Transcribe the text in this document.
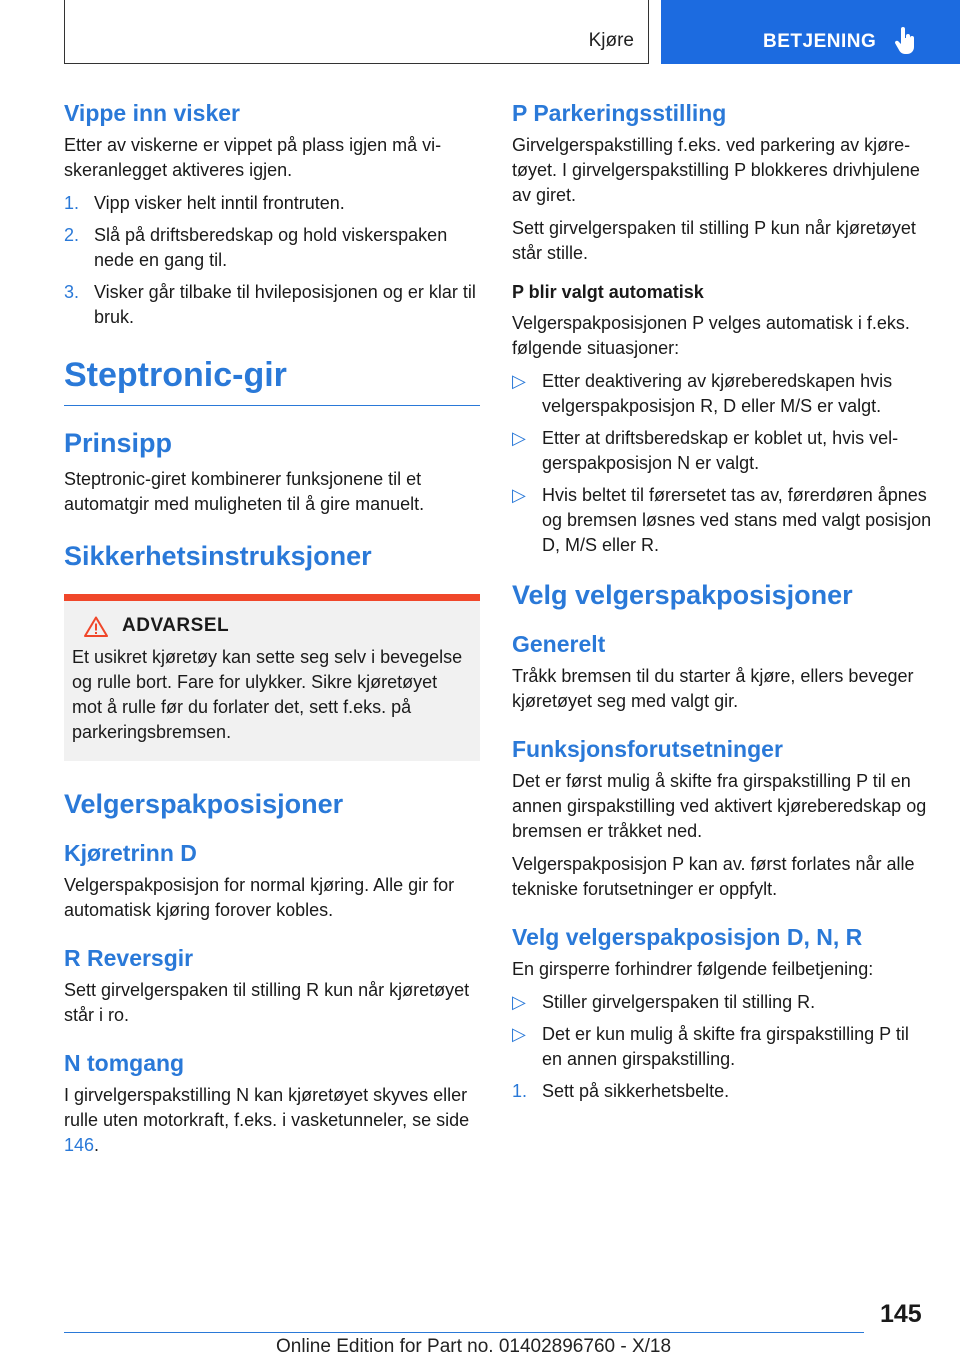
Kjøre	BETJENING
Vippe inn visker

Etter av viskerne er vippet på plass igjen må viskeranlegget aktiveres igjen.

1. Vipp visker helt inntil frontruten.
2. Slå på driftsberedskap og hold viskerspaken nede en gang til.
3. Visker går tilbake til hvileposisjonen og er klar til bruk.
Steptronic-gir
Prinsipp

Steptronic-giret kombinerer funksjonene til et automatgir med muligheten til å gire manuelt.

Sikkerhetsinstruksjoner
ADVARSEL

Et usikret kjøretøy kan sette seg selv i bevegelse og rulle bort. Fare for ulykker. Sikre kjøretøyet mot å rulle før du forlater det, sett f.eks. på parkeringsbremsen.

Velgerspakposisjoner
Kjøretrinn D

Velgerspakposisjon for normal kjøring. Alle gir for automatisk kjøring forover kobles.

R Reversgir

Sett girvelgerspaken til stilling R kun når kjøretøyet står i ro.

N tomgang

I girvelgerspakstilling N kan kjøretøyet skyves eller rulle uten motorkraft, f.eks. i vasketunneler, se side 146.

P Parkeringsstilling

Girvelgerspakstilling f.eks. ved parkering av kjøretøyet. I girvelgerspakstilling P blokkeres drivhjulene av giret.

Sett girvelgerspaken til stilling P kun når kjøretøyet står stille.

P blir valgt automatisk

Velgerspakposisjonen P velges automatisk i f.eks. følgende situasjoner:

▷ Etter deaktivering av kjøreberedskapen hvis velgerspakposisjon R, D eller M/S er valgt.
▷ Etter at driftsberedskap er koblet ut, hvis velgerspakposisjon N er valgt.
▷ Hvis beltet til førersetet tas av, førerdøren åpnes og bremsen løsnes ved stans med valgt posisjon D, M/S eller R.
Velg velgerspakposisjoner
Generelt

Tråkk bremsen til du starter å kjøre, ellers beveger kjøretøyet seg med valgt gir.

Funksjonsforutsetninger

Det er først mulig å skifte fra girspakstilling P til en annen girspakstilling ved aktivert kjøreberedskap og bremsen er tråkket ned.

Velgerspakposisjon P kan av. først forlates når alle tekniske forutsetninger er oppfylt.

Velg velgerspakposisjon D, N, R

En girsperre forhindrer følgende feilbetjening:

▷ Stiller girvelgerspaken til stilling R.
▷ Det er kun mulig å skifte fra girspakstilling P til en annen girspakstilling.
1. Sett på sikkerhetsbelte.
145
Online Edition for Part no. 01402896760 - X/18
